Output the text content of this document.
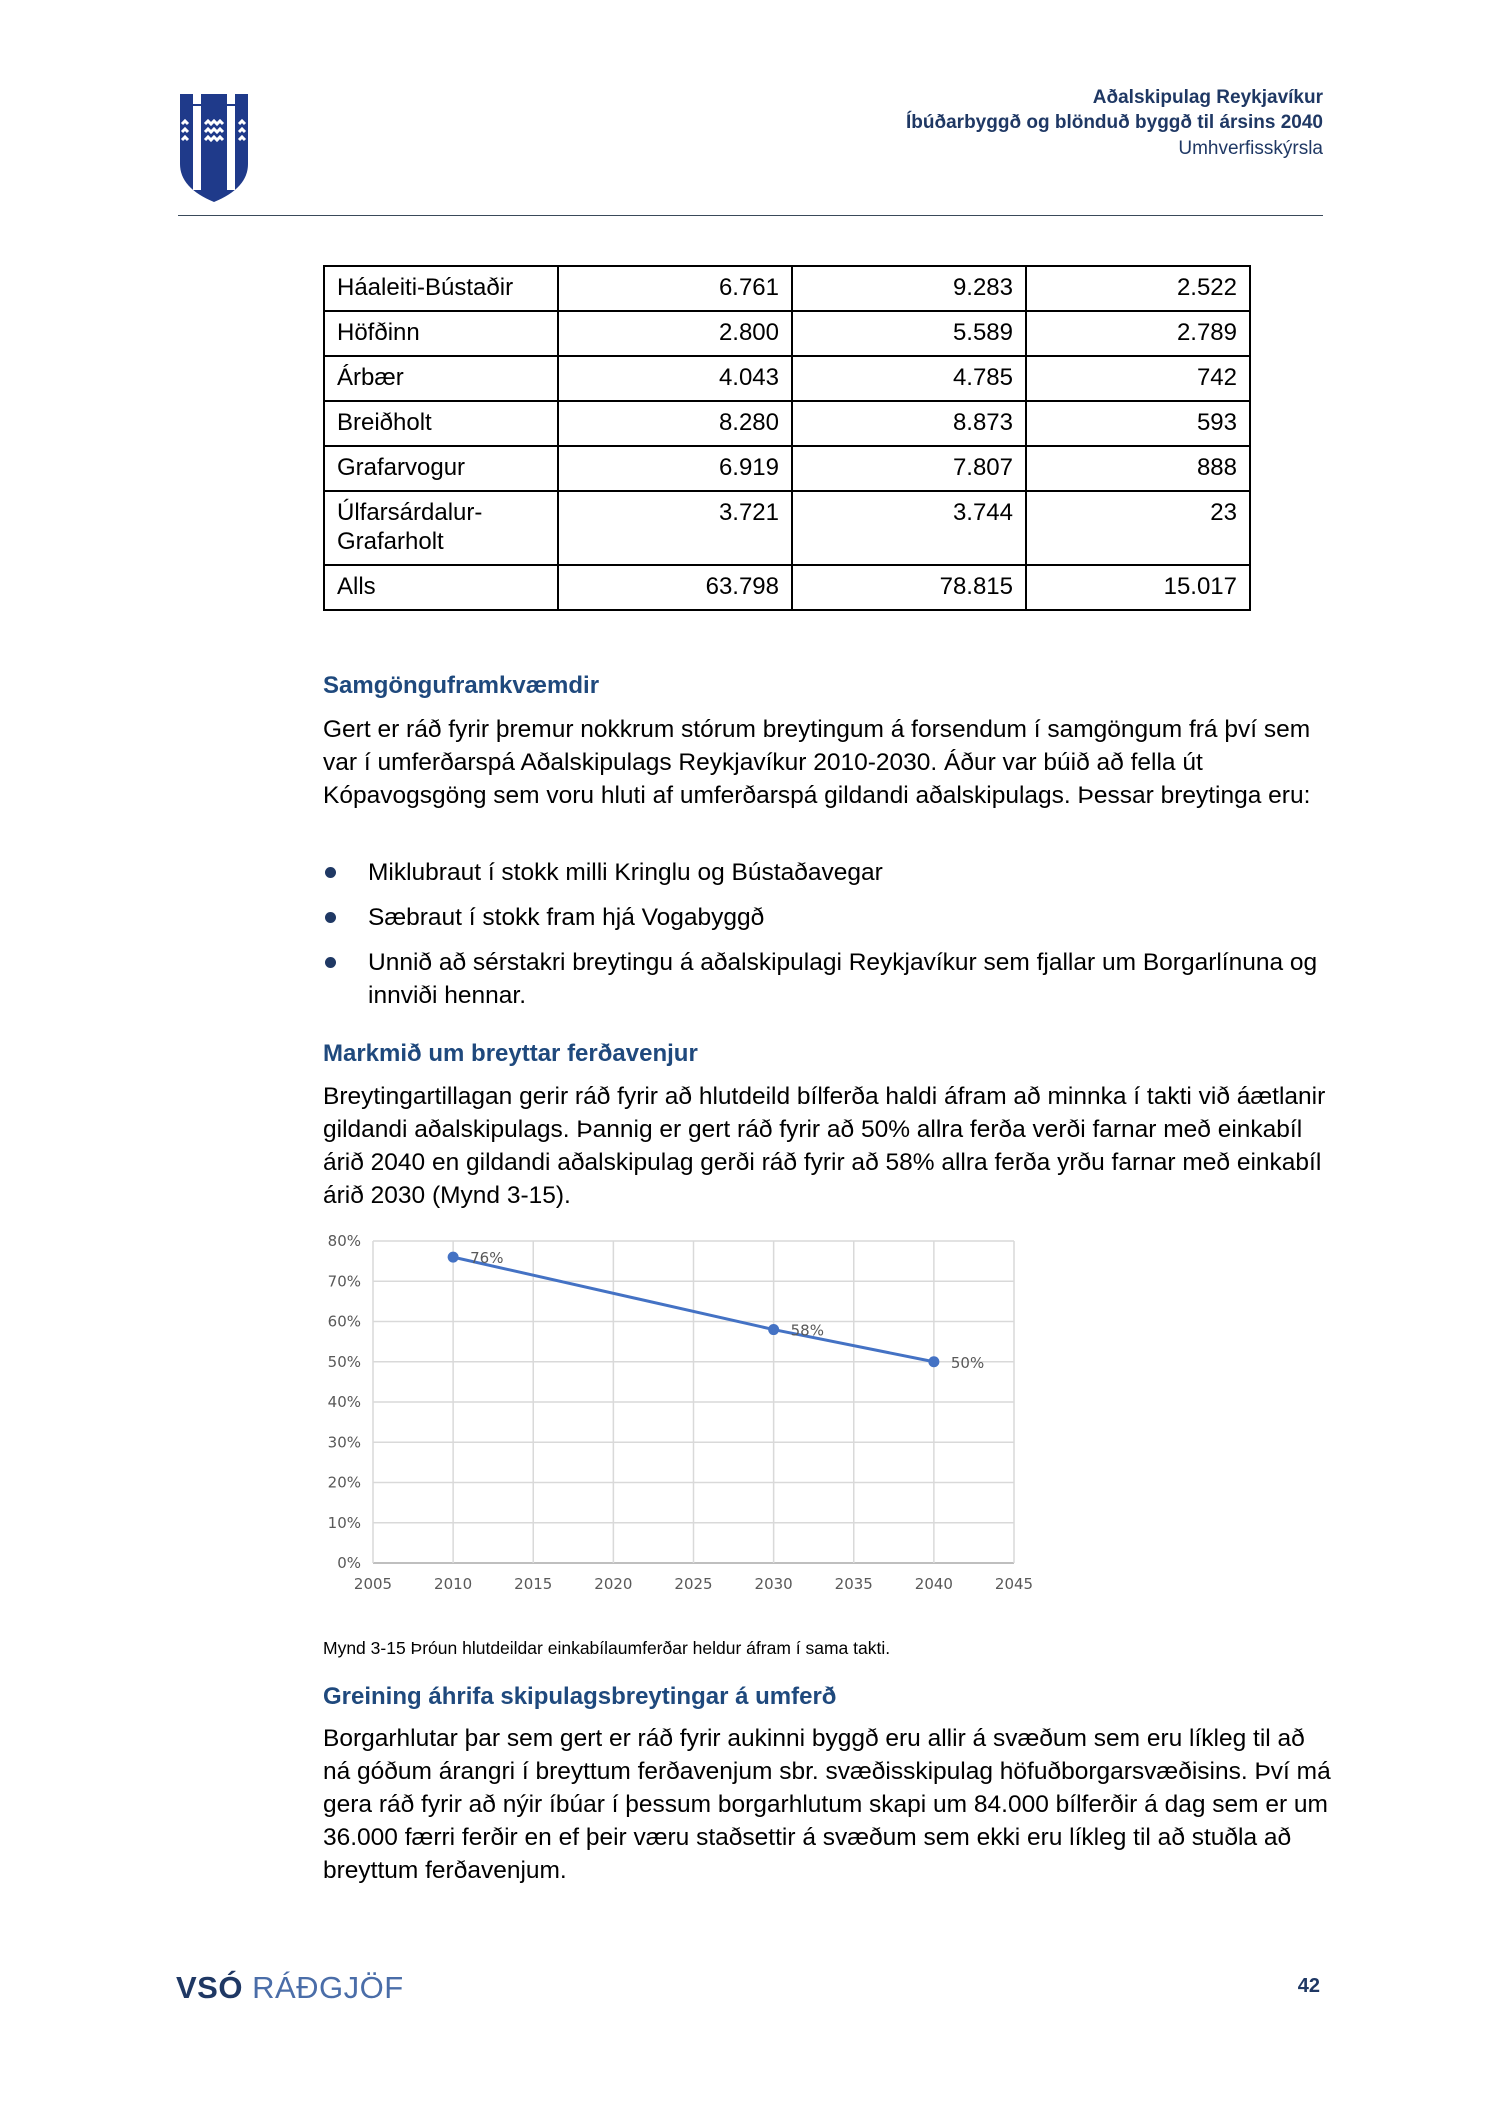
Aðalskipulag Reykjavíkur
Íbúðarbyggð og blönduð byggð til ársins 2040
Umhverfisskýrsla
Háaleiti-Bústaðir	6.761	9.283	2.522
Höfðinn	2.800	5.589	2.789
Árbær	4.043	4.785	742
Breiðholt	8.280	8.873	593
Grafarvogur	6.919	7.807	888
Úlfarsárdalur-​Grafarholt	3.721	3.744	23
Alls	63.798	78.815	15.017
Samgönguframkvæmdir
Gert er ráð fyrir þremur nokkrum stórum breytingum á forsendum í samgöngum frá því sem var í umferðarspá Aðalskipulags Reykjavíkur 2010-2030. Áður var búið að fella út Kópavogsgöng sem voru hluti af umferðarspá gildandi aðalskipulags. Þessar breytinga eru:
Miklubraut í stokk milli Kringlu og Bústaðavegar
Sæbraut í stokk fram hjá Vogabyggð
Unnið að sérstakri breytingu á aðalskipulagi Reykjavíkur sem fjallar um Borgarlínuna og innviði hennar.
Markmið um breyttar ferðavenjur
Breytingartillagan gerir ráð fyrir að hlutdeild bílferða haldi áfram að minnka í takti við áætlanir gildandi aðalskipulags. Þannig er gert ráð fyrir að 50% allra ferða verði farnar með einkabíl árið 2040 en gildandi aðalskipulag gerði ráð fyrir að 58% allra ferða yrðu farnar með einkabíl árið 2030 (Mynd 3-15).
0%
10%
20%
30%
40%
50%
60%
70%
80%
2005	2010	2015	2020	2025	2030	2035	2040	2045
76%
58%
50%
Mynd 3-15 Þróun hlutdeildar einkabílaumferðar heldur áfram í sama takti.
Greining áhrifa skipulagsbreytingar á umferð
Borgarhlutar þar sem gert er ráð fyrir aukinni byggð eru allir á svæðum sem eru líkleg til að ná góðum árangri í breyttum ferðavenjum sbr. svæðisskipulag höfuðborgarsvæðisins. Því má gera ráð fyrir að nýir íbúar í þessum borgarhlutum skapi um 84.000 bílferðir á dag sem er um 36.000 færri ferðir en ef þeir væru staðsettir á svæðum sem ekki eru líkleg til að stuðla að breyttum ferðavenjum.
VSÓ RÁÐGJÖF	42
